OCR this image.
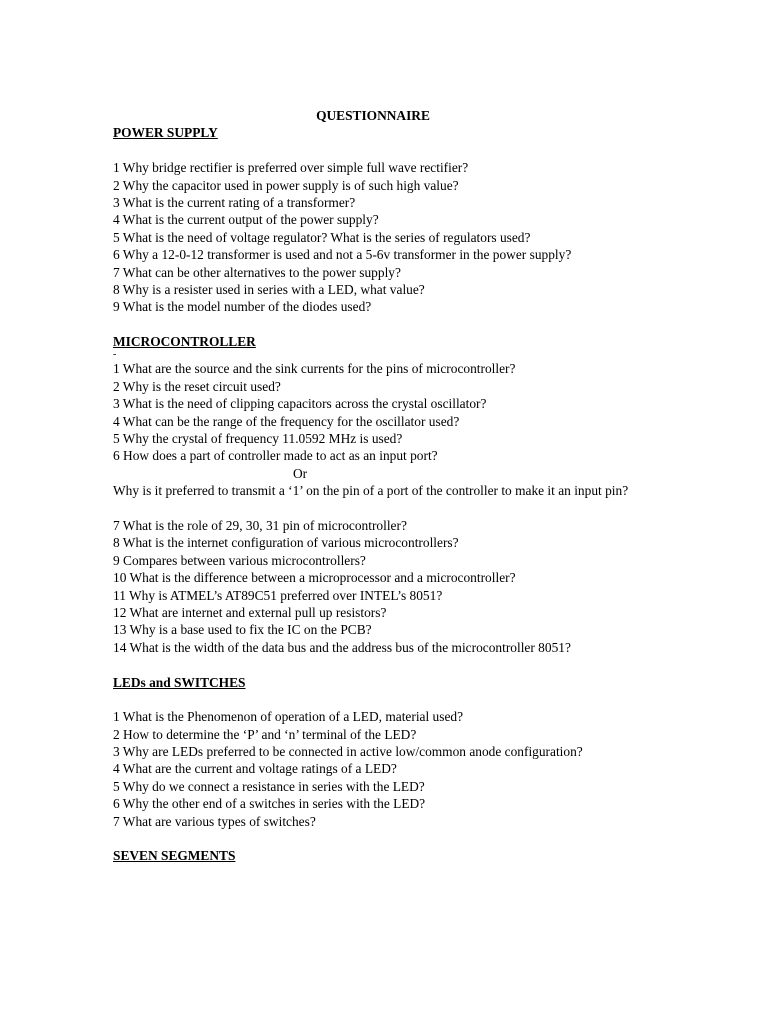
QUESTIONNAIRE
POWER SUPPLY
1 Why bridge rectifier is preferred over simple full wave rectifier?
2 Why the capacitor used in power supply is of such high value?
3 What is the current rating of a transformer?
4 What is the current output of the power supply?
5 What is the need of voltage regulator? What is the series of regulators used?
6 Why a 12-0-12 transformer is used and not a 5-6v transformer in the power supply?
7 What can be other alternatives to the power supply?
8 Why is a resister used in series with a LED, what value?
9 What is the model number of the diodes used?
MICROCONTROLLER
-
1 What are the source and the sink currents for the pins of microcontroller?
2 Why is the reset circuit used?
3 What is the need of clipping capacitors across the crystal oscillator?
4 What can be the range of the frequency for the oscillator used?
5 Why the crystal of frequency 11.0592 MHz is used?
6 How does a part of controller made to act as an input port?
Or
Why is it preferred to transmit a ‘1’ on the pin of a port of the controller to make it an input pin?
7 What is the role of 29, 30, 31 pin of microcontroller?
8 What is the internet configuration of various microcontrollers?
9 Compares between various microcontrollers?
10 What is the difference between a microprocessor and a microcontroller?
11 Why is ATMEL’s AT89C51 preferred over INTEL’s 8051?
12 What are internet and external pull up resistors?
13 Why is a base used to fix the IC on the PCB?
14 What is the width of the data bus and the address bus of the microcontroller 8051?
LEDs and SWITCHES
1 What is the Phenomenon of operation of a LED, material used?
2 How to determine the ‘P’ and ‘n’ terminal of the LED?
3 Why are LEDs preferred to be connected in active low/common anode configuration?
4 What are the current and voltage ratings of a LED?
5 Why do we connect a resistance in series with the LED?
6 Why the other end of a switches in series with the LED?
7 What are various types of switches?
SEVEN SEGMENTS
